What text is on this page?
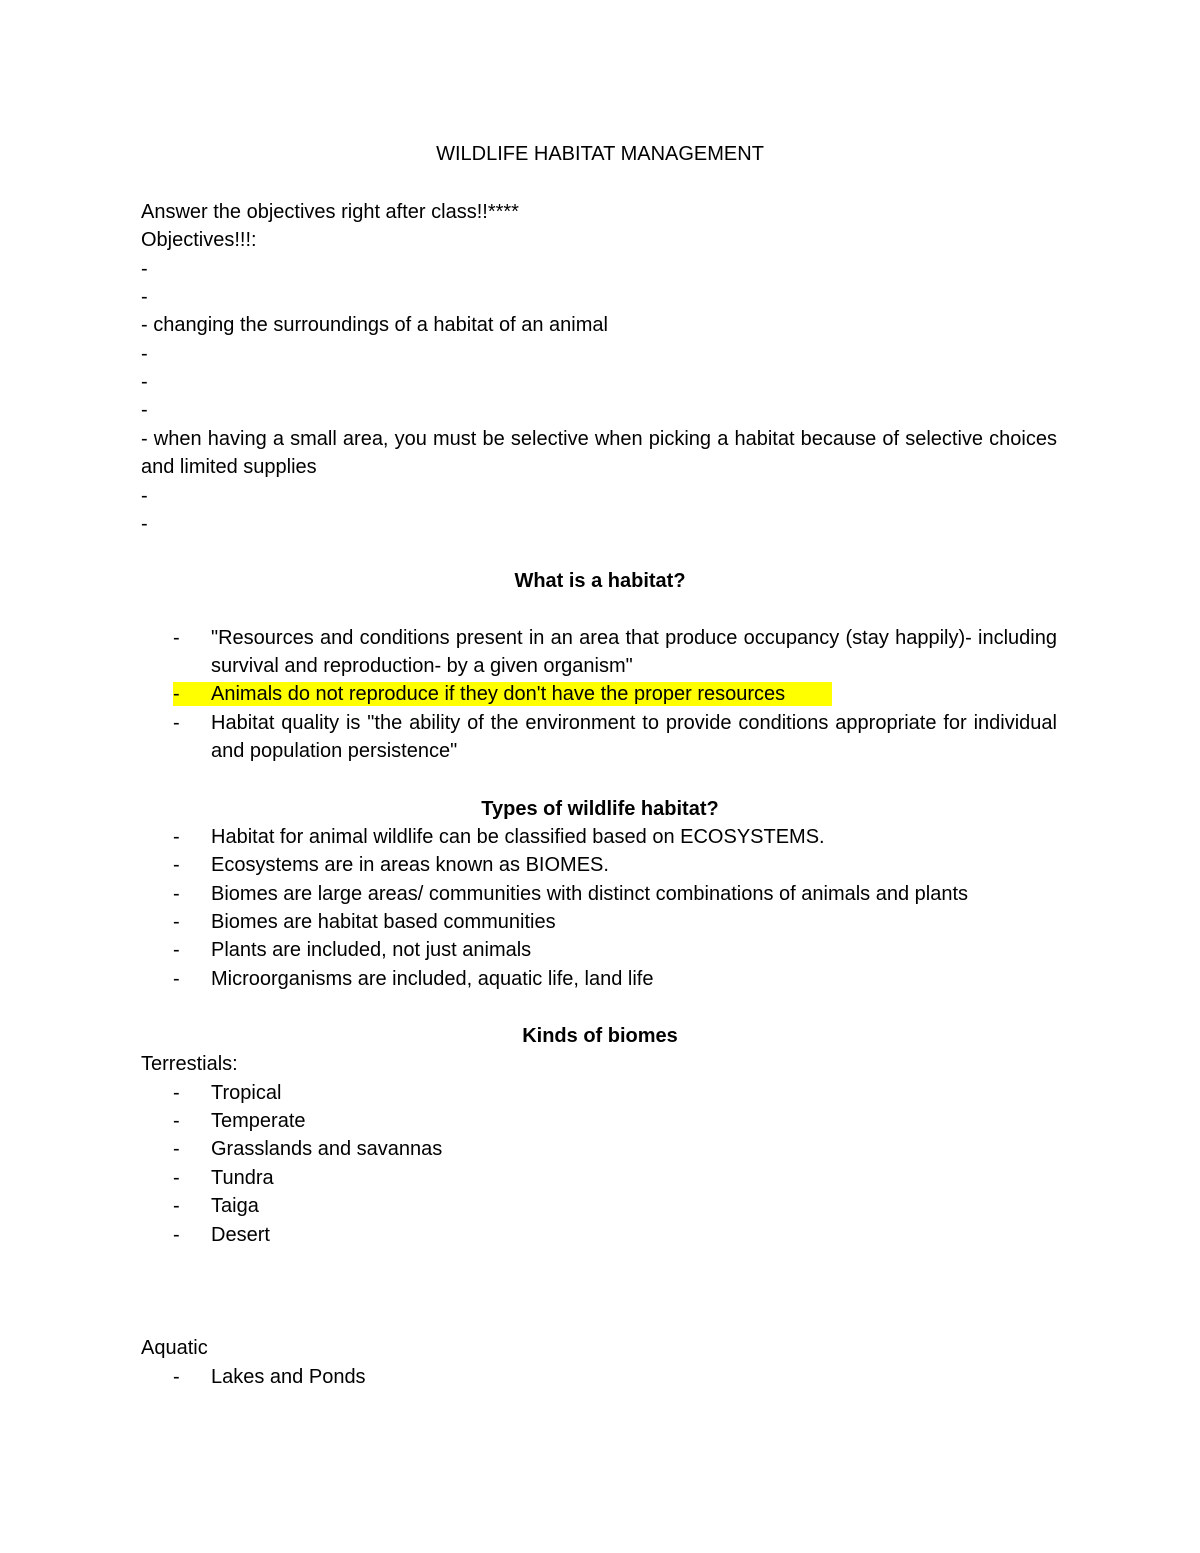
WILDLIFE HABITAT MANAGEMENT
Answer the objectives right after class!!****
Objectives!!!:
-
-
- changing the surroundings of a habitat of an animal
-
-
-
- when having a small area, you must be selective when picking a habitat because of selective choices and limited supplies
-
-
What is a habitat?
- "Resources and conditions present in an area that produce occupancy (stay happily)- including survival and reproduction- by a given organism"
- Animals do not reproduce if they don't have the proper resources
- Habitat quality is "the ability of the environment to provide conditions appropriate for individual and population persistence"
Types of wildlife habitat?
- Habitat for animal wildlife can be classified based on ECOSYSTEMS.
- Ecosystems are in areas known as BIOMES.
- Biomes are large areas/ communities with distinct combinations of animals and plants
- Biomes are habitat based communities
- Plants are included, not just animals
- Microorganisms are included, aquatic life, land life
Kinds of biomes
Terrestials:
- Tropical
- Temperate
- Grasslands and savannas
- Tundra
- Taiga
- Desert
Aquatic
- Lakes and Ponds
